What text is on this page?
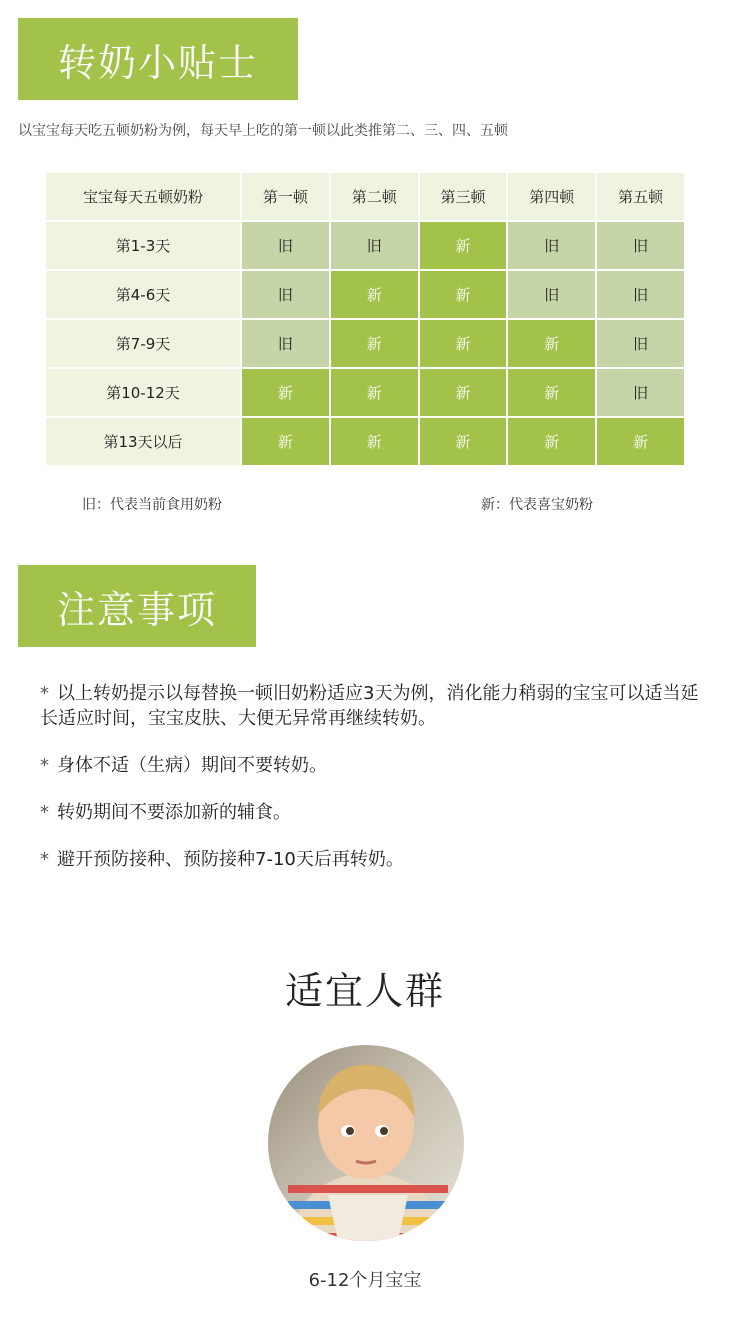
转奶小贴士
以宝宝每天吃五顿奶粉为例，每天早上吃的第一顿以此类推第二、三、四、五顿
宝宝每天五顿奶粉	第一顿	第二顿	第三顿	第四顿	第五顿
第1-3天	旧	旧	新	旧	旧
第4-6天	旧	新	新	旧	旧
第7-9天	旧	新	新	新	旧
第10-12天	新	新	新	新	旧
第13天以后	新	新	新	新	新
旧：代表当前食用奶粉	新：代表喜宝奶粉
注意事项

* 以上转奶提示以每替换一顿旧奶粉适应3天为例，消化能力稍弱的宝宝可以适当延长适应时间，宝宝皮肤、大便无异常再继续转奶。

* 身体不适（生病）期间不要转奶。

* 转奶期间不要添加新的辅食。

* 避开预防接种、预防接种7-10天后再转奶。

适宜人群
6-12个月宝宝
